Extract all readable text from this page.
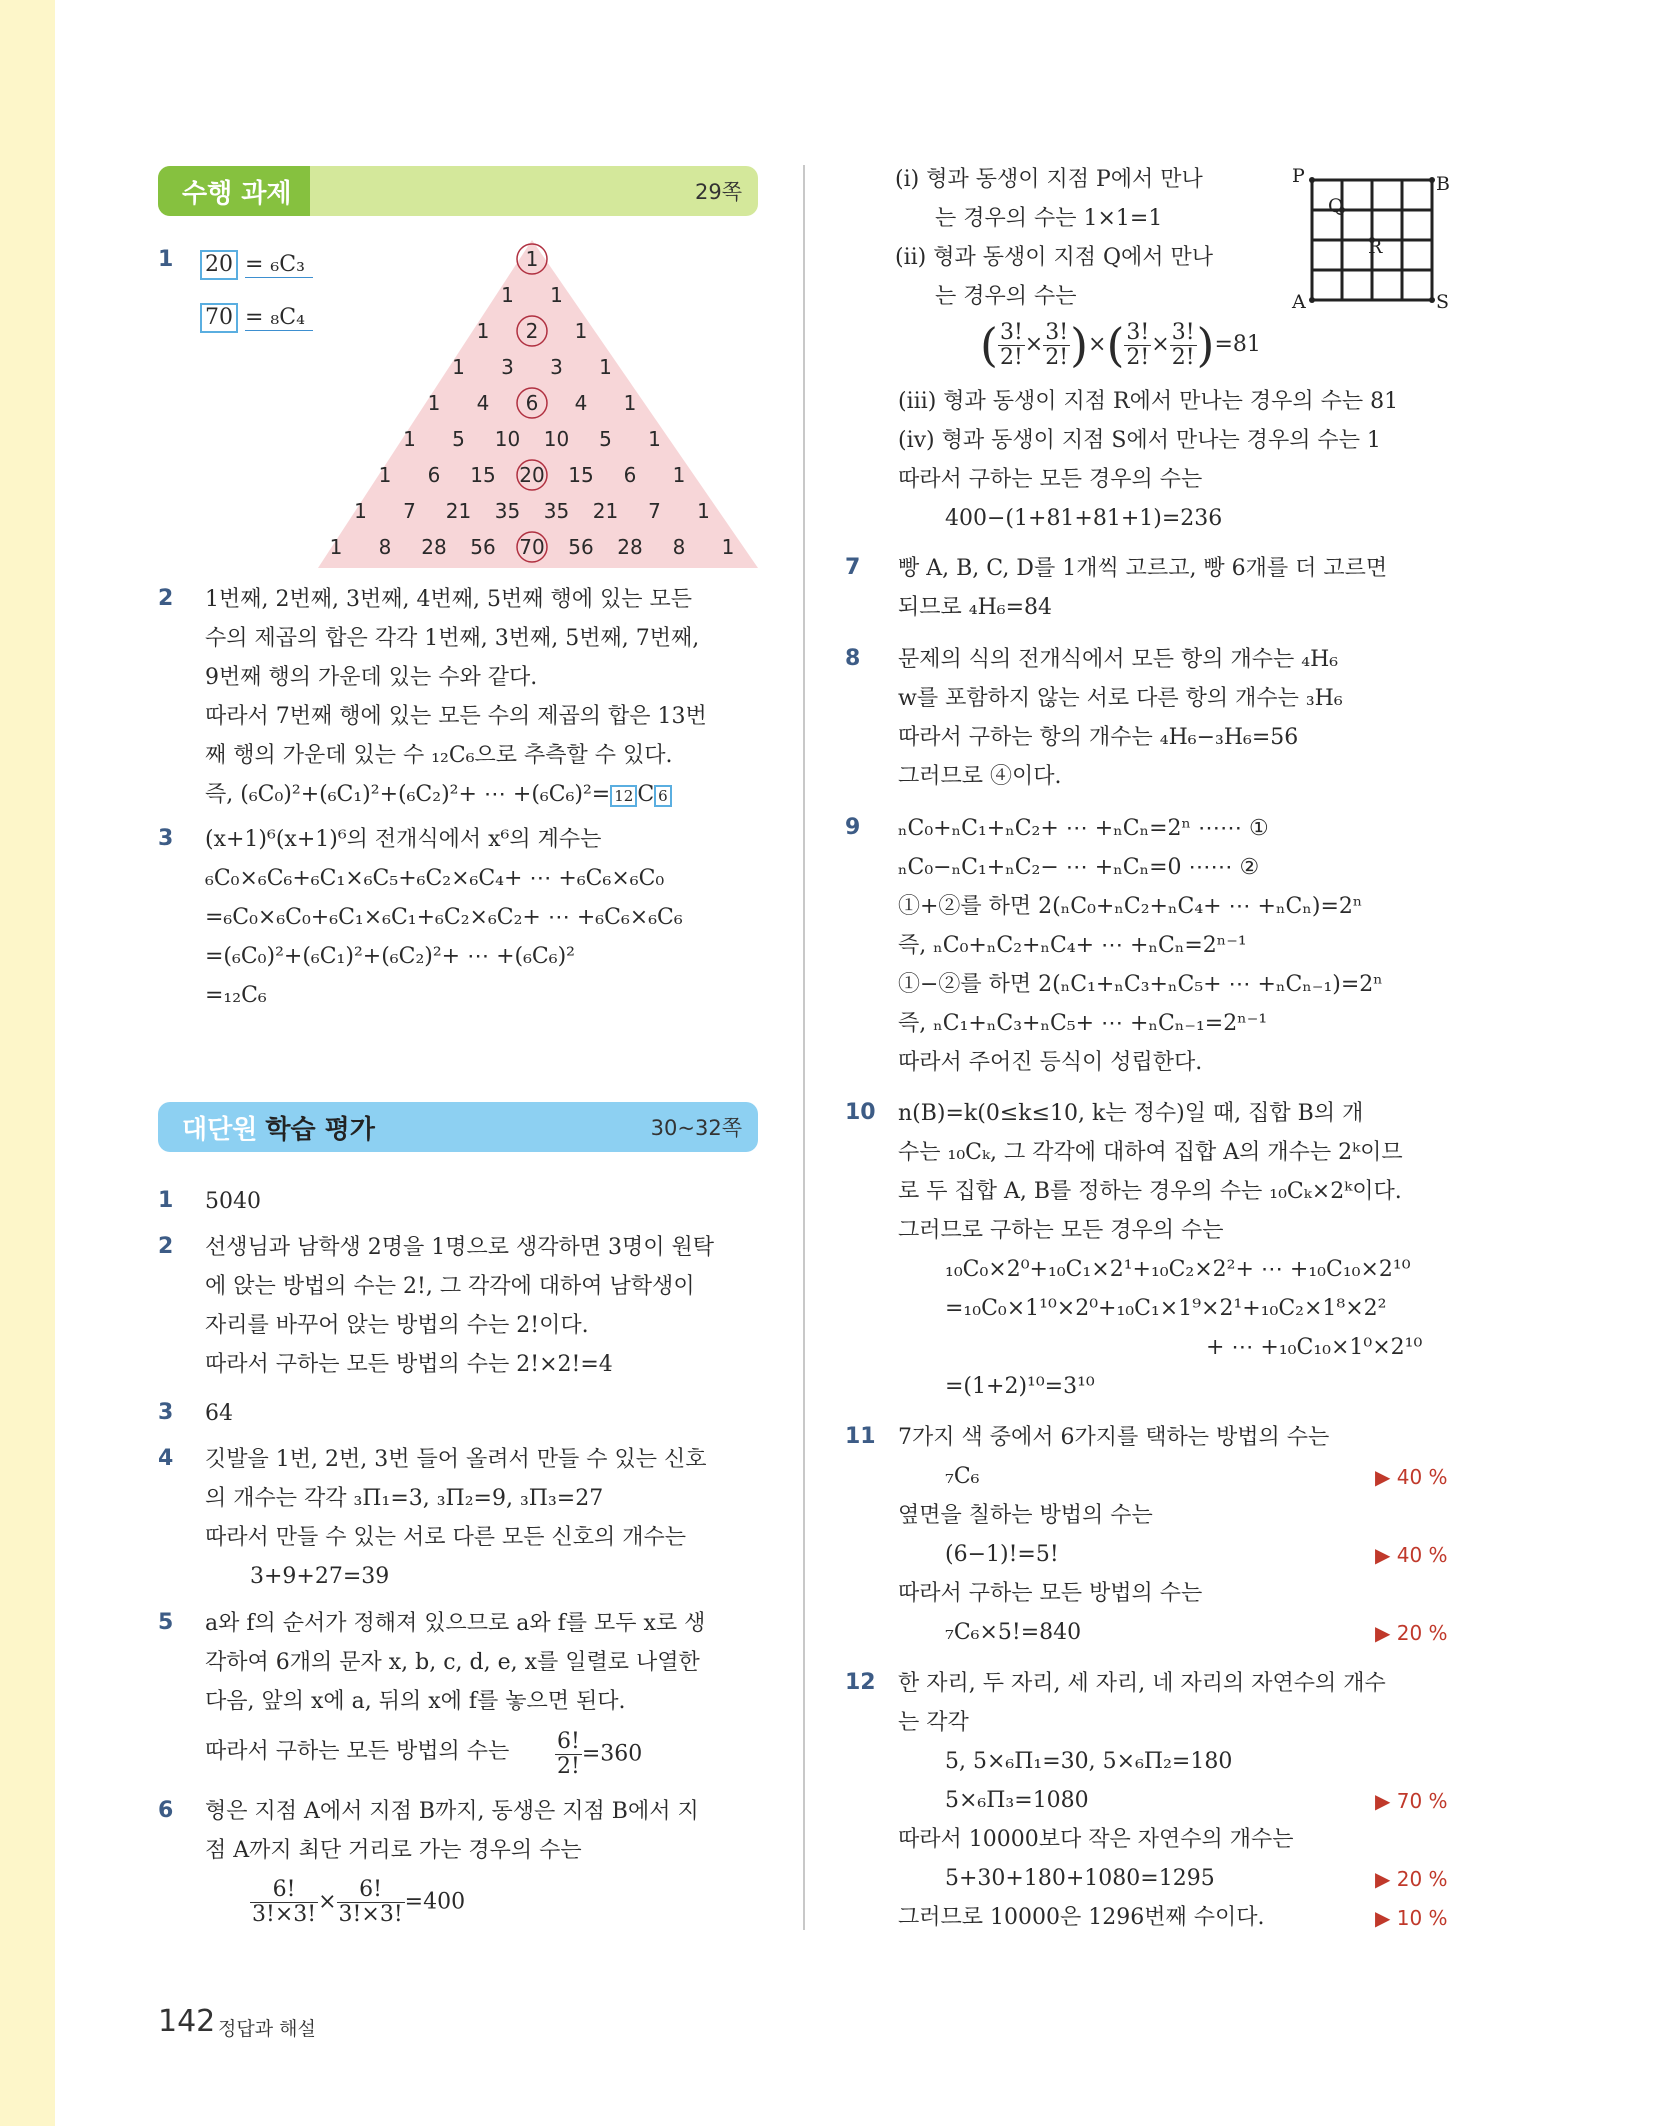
수행 과제	29쪽
1 20 = ₆C₃
70 = ₈C₄
1
1 1
1 2 1
1 3 3 1
1 4 6 4 1
1 5 10 10 5 1
1 6 15 20 15 6 1
1 7 21 35 35 21 7 1
1 8 28 56 70 56 28 8 1
2 1번째, 2번째, 3번째, 4번째, 5번째 행에 있는 모든
수의 제곱의 합은 각각 1번째, 3번째, 5번째, 7번째,
9번째 행의 가운데 있는 수와 같다.
따라서 7번째 행에 있는 모든 수의 제곱의 합은 13번
째 행의 가운데 있는 수 ₁₂C₆으로 추측할 수 있다.
즉, (₆C₀)²+(₆C₁)²+(₆C₂)²+ ⋯ +(₆C₆)²= 12 C 6
3 (x+1)⁶(x+1)⁶의 전개식에서 x⁶의 계수는
₆C₀×₆C₆+₆C₁×₆C₅+₆C₂×₆C₄+ ⋯ +₆C₆×₆C₀
=₆C₀×₆C₀+₆C₁×₆C₁+₆C₂×₆C₂+ ⋯ +₆C₆×₆C₆
=(₆C₀)²+(₆C₁)²+(₆C₂)²+ ⋯ +(₆C₆)²
=₁₂C₆
대단원 학습 평가	30~32쪽
1 5040
2 선생님과 남학생 2명을 1명으로 생각하면 3명이 원탁
에 앉는 방법의 수는 2!, 그 각각에 대하여 남학생이
자리를 바꾸어 앉는 방법의 수는 2!이다.
따라서 구하는 모든 방법의 수는 2!×2!=4
3 64
4 깃발을 1번, 2번, 3번 들어 올려서 만들 수 있는 신호
의 개수는 각각 ₃Π₁=3, ₃Π₂=9, ₃Π₃=27
따라서 만들 수 있는 서로 다른 모든 신호의 개수는
3+9+27=39
5 a와 f의 순서가 정해져 있으므로 a와 f를 모두 x로 생
각하여 6개의 문자 x, b, c, d, e, x를 일렬로 나열한
다음, 앞의 x에 a, 뒤의 x에 f를 놓으면 된다.
따라서 구하는 모든 방법의 수는 $\frac{6!}{2!} =360$
6 형은 지점 A에서 지점 B까지, 동생은 지점 B에서 지
점 A까지 최단 거리로 가는 경우의 수는
$\frac{6!}{3!\times 3!} \times \frac{6!}{3!\times 3!} =400$
(ⅰ) 형과 동생이 지점 P에서 만나
는 경우의 수는 1×1=1
(ⅱ) 형과 동생이 지점 Q에서 만나
는 경우의 수는
( $\frac{3!}{2!} \times \frac{3!}{2!}$ )×( $\frac{3!}{2!} \times \frac{3!}{2!} )=81$
P	B
Q
R
A	S
(ⅲ) 형과 동생이 지점 R에서 만나는 경우의 수는 81
(ⅳ) 형과 동생이 지점 S에서 만나는 경우의 수는 1
따라서 구하는 모든 경우의 수는
400−(1+81+81+1)=236
7 빵 A, B, C, D를 1개씩 고르고, 빵 6개를 더 고르면
되므로 ₄H₆=84
8 문제의 식의 전개식에서 모든 항의 개수는 ₄H₆
w를 포함하지 않는 서로 다른 항의 개수는 ₃H₆
따라서 구하는 항의 개수는 ₄H₆−₃H₆=56
그러므로 ④이다.
9 ₙC₀+ₙC₁+ₙC₂+ ⋯ +ₙCₙ=2ⁿ ⋯⋯ ①
ₙC₀−ₙC₁+ₙC₂− ⋯ +ₙCₙ=0 ⋯⋯ ②
①+②를 하면 2(ₙC₀+ₙC₂+ₙC₄+ ⋯ +ₙCₙ)=2ⁿ
즉, ₙC₀+ₙC₂+ₙC₄+ ⋯ +ₙCₙ=2ⁿ⁻¹
①−②를 하면 2(ₙC₁+ₙC₃+ₙC₅+ ⋯ +ₙCₙ₋₁)=2ⁿ
즉, ₙC₁+ₙC₃+ₙC₅+ ⋯ +ₙCₙ₋₁=2ⁿ⁻¹
따라서 주어진 등식이 성립한다.
10 n(B)=k(0≤k≤10, k는 정수)일 때, 집합 B의 개
수는 ₁₀Cₖ, 그 각각에 대하여 집합 A의 개수는 2ᵏ이므
로 두 집합 A, B를 정하는 경우의 수는 ₁₀Cₖ×2ᵏ이다.
그러므로 구하는 모든 경우의 수는
₁₀C₀×2⁰+₁₀C₁×2¹+₁₀C₂×2²+ ⋯ +₁₀C₁₀×2¹⁰
=₁₀C₀×1¹⁰×2⁰+₁₀C₁×1⁹×2¹+₁₀C₂×1⁸×2²
+ ⋯ +₁₀C₁₀×1⁰×2¹⁰
=(1+2)¹⁰=3¹⁰
11 7가지 색 중에서 6가지를 택하는 방법의 수는
₇C₆
옆면을 칠하는 방법의 수는
(6−1)!=5!
따라서 구하는 모든 방법의 수는
₇C₆×5!=840
12 한 자리, 두 자리, 세 자리, 네 자리의 자연수의 개수
는 각각
5, 5×₆Π₁=30, 5×₆Π₂=180
5×₆Π₃=1080
따라서 10000보다 작은 자연수의 개수는
5+30+180+1080=1295
그러므로 10000은 1296번째 수이다.
142 정답과 해설
▶ 40 %
▶ 40 %
▶ 20 %
▶ 70 %
▶ 20 %
▶ 10 %
